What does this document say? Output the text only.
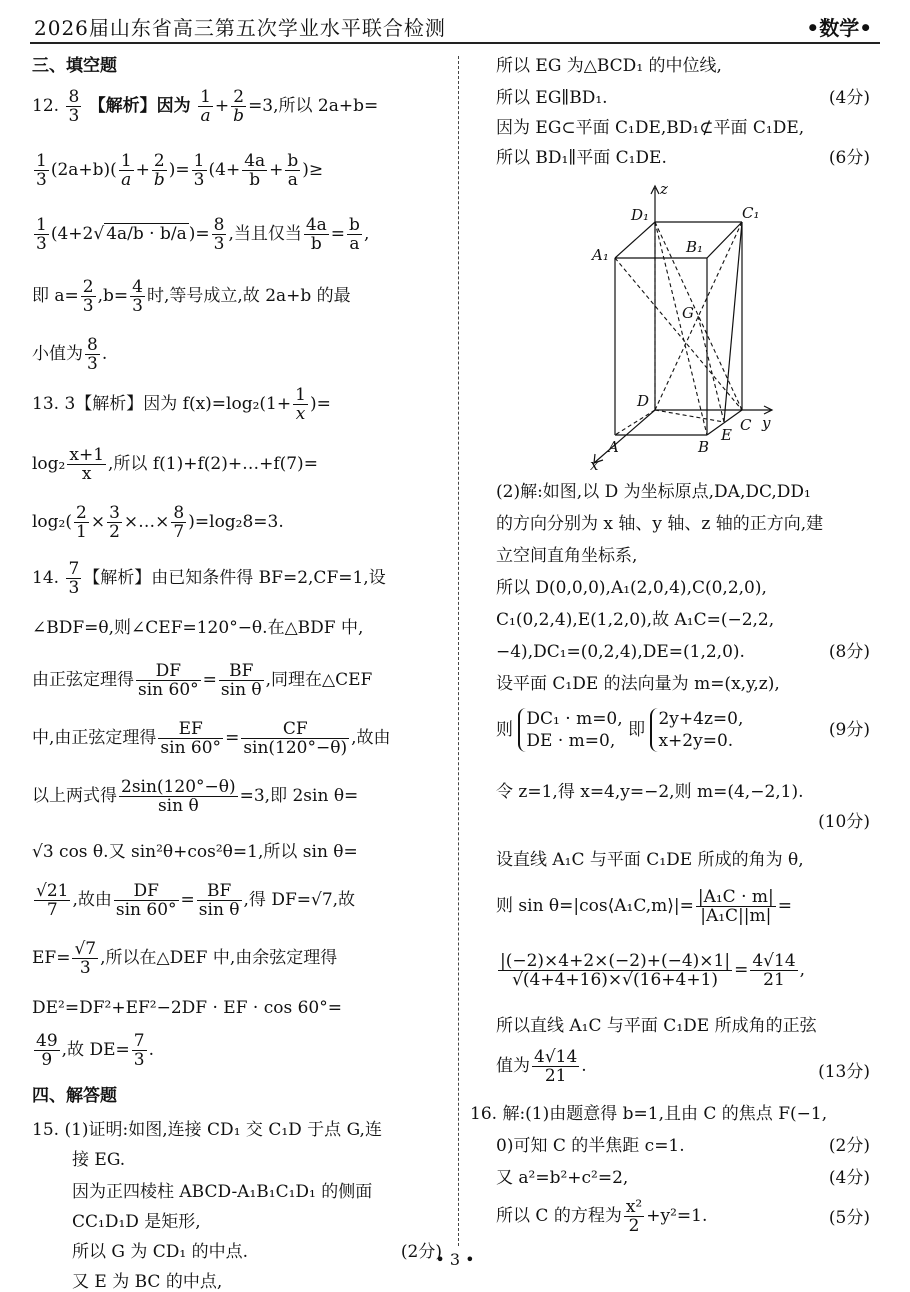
2026届山东省高三第五次学业水平联合检测	•数学•
三、填空题
12. $\frac{8}{3}$ 【解析】因为 $\frac{1}{a} + \frac{2}{b} =3$,所以 2a+b=
$\frac{1}{3} (2a+b)( \frac{1}{a} + \frac{2}{b}$ )= $\frac{1}{3} (4+ \frac{4a}{b} + \frac{b}{a}$ )≥
$\frac{1}{3} (4+2√$ 4a/b · b/a )= $\frac{8}{3}$ ,当且仅当 $\frac{4a}{b} = \frac{b}{a}$ ,
即 $a= \frac{2}{3} ,b= \frac{4}{3}$ 时,等号成立,故 2a+b 的最
小值为 $\frac{8}{3}$ .
13. 3【解析】因为 $f(x)=\log_2(1+ \frac{1}{x}$ )=
$\log_2 \frac{x+1}{x}$ ,所以 f(1)+f(2)+…+f(7)=
$\log_2( \frac{2}{1} \times \frac{3}{2}$ ×…× $\frac{8}{7} )=\log_28=3$.
14. $\frac{7}{3}$ 【解析】由已知条件得 BF=2,CF=1,设
∠BDF=θ,则∠CEF=120°−θ.在△BDF 中,
由正弦定理得 $\frac{DF}{\sin 60^\circ} = \frac{BF}{\text{sin θ}}$ ,同理在△CEF
中,由正弦定理得 $\frac{EF}{\sin 60^\circ} = \frac{CF}{\sin(120^\circ-\theta)}$ ,故由
以上两式得 $\frac{2\sin(120^\circ-\theta)}{\text{sin θ}} =3$,即 2sin θ=
√3 cos θ.又 sin²θ+cos²θ=1,所以 sin θ=
$\frac{√21}{7}$ ,故由 $\frac{DF}{\sin 60^\circ} = \frac{BF}{\text{sin θ}}$ ,得 DF=√7,故
$EF= \frac{√7}{3}$ ,所以在△DEF 中,由余弦定理得
DE²=DF²+EF²−2DF · EF · cos 60°=
$\frac{49}{9}$ ,故 $DE= \frac{7}{3}$ .
四、解答题
15. (1)证明:如图,连接 CD₁ 交 C₁D 于点 G,连
接 EG.
因为正四棱柱 ABCD-A₁B₁C₁D₁ 的侧面
CC₁D₁D 是矩形,
所以 G 为 CD₁ 的中点.	(2分)
又 E 为 BC 的中点,
所以 EG 为△BCD₁ 的中位线,
所以 EG∥BD₁.	(4分)
因为 EG⊂平面 C₁DE,BD₁⊄平面 C₁DE,
所以 BD₁∥平面 C₁DE.	(6分)
(2)解:如图,以 D 为坐标原点,DA,DC,DD₁
的方向分别为 x 轴、y 轴、z 轴的正方向,建
立空间直角坐标系,
所以 D(0,0,0),A₁(2,0,4),C(0,2,0),
C₁(0,2,4),E(1,2,0),故 A₁C=(−2,2,
−4),DC₁=(0,2,4),DE=(1,2,0).	(8分)
设平面 C₁DE 的法向量为 m=(x,y,z),
则
DC₁ · m=0,
DE · m=0,
即
2y+4z=0,
x+2y=0.
(9分)
令 z=1,得 x=4,y=−2,则 m=(4,−2,1).
(10分)
设直线 A₁C 与平面 C₁DE 所成的角为 θ,
则 sin θ=|cos⟨A₁C,m⟩|= $\frac{\text{|A₁C · m|}}{\text{|A₁C||m|}}$ =
$\frac{|(-2)\times 4+2\times(-2)+(-4)\times 1|}{√(4+4+16)\times√(16+4+1)} = \frac{4√14}{21}$ ,
所以直线 A₁C 与平面 C₁DE 所成角的正弦
值为 $\frac{4√14}{21}$ .	(13分)
16. 解:(1)由题意得 b=1,且由 C 的焦点 F(−1,
0)可知 C 的半焦距 c=1.	(2分)
又 a²=b²+c²=2,	(4分)
所以 C 的方程为 $\frac{\text{x²}}{2} +y^2=1$.	(5分)
z
y
x
D₁	C₁
A₁	B₁
G
D
C
A	B
E
• 3 •
